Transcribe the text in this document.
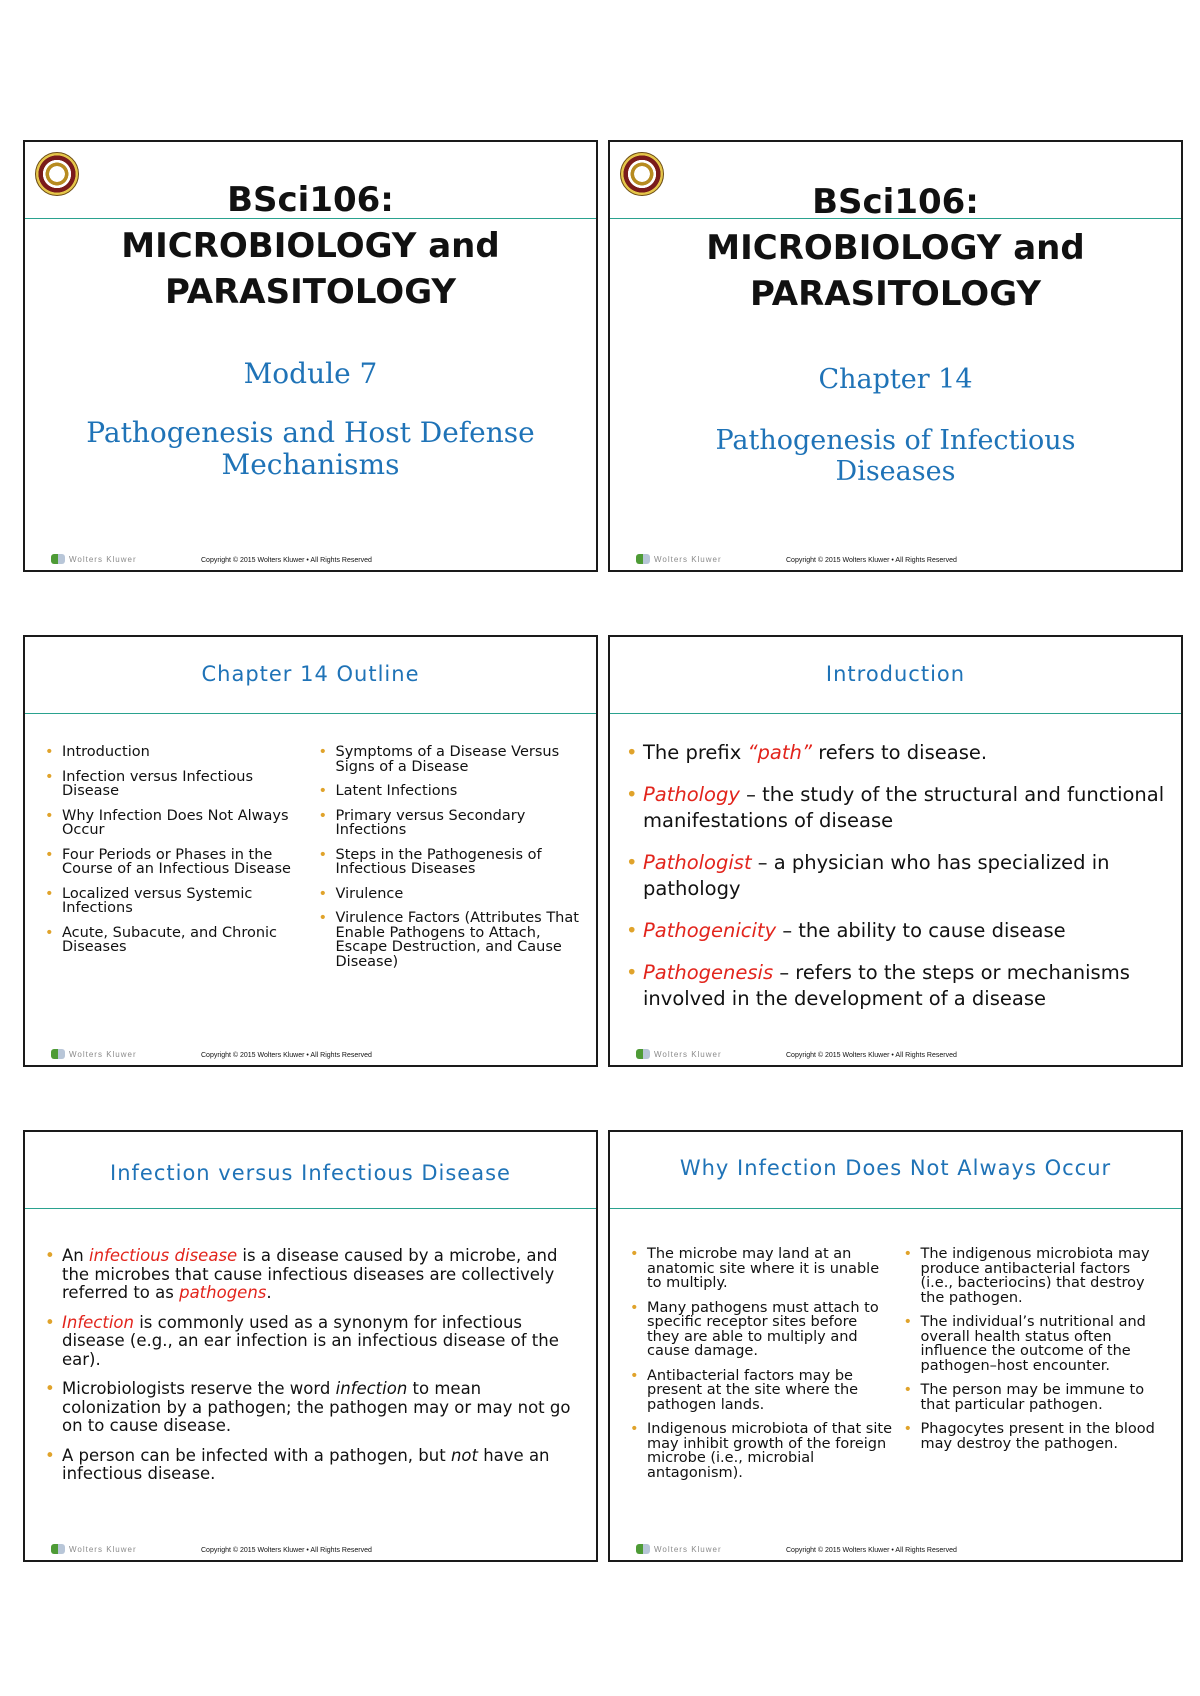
BSci106:
MICROBIOLOGY and
PARASITOLOGY
Module 7
Pathogenesis and Host Defense
Mechanisms
Wolters Kluwer	Copyright © 2015 Wolters Kluwer • All Rights Reserved
BSci106:
MICROBIOLOGY and
PARASITOLOGY
Chapter 14
Pathogenesis of Infectious
Diseases
Wolters Kluwer	Copyright © 2015 Wolters Kluwer • All Rights Reserved
Chapter 14 Outline
• Introduction
• Infection versus Infectious Disease
• Why Infection Does Not Always Occur
• Four Periods or Phases in the Course of an Infectious Disease
• Localized versus Systemic Infections
• Acute, Subacute, and Chronic Diseases
• Symptoms of a Disease Versus Signs of a Disease
• Latent Infections
• Primary versus Secondary Infections
• Steps in the Pathogenesis of Infectious Diseases
• Virulence
• Virulence Factors (Attributes That Enable Pathogens to Attach, Escape Destruction, and Cause Disease)
Wolters Kluwer	Copyright © 2015 Wolters Kluwer • All Rights Reserved
Introduction
• The prefix “path” refers to disease.
• Pathology – the study of the structural and functional manifestations of disease
• Pathologist – a physician who has specialized in pathology
• Pathogenicity – the ability to cause disease
• Pathogenesis – refers to the steps or mechanisms involved in the development of a disease
Wolters Kluwer	Copyright © 2015 Wolters Kluwer • All Rights Reserved
Infection versus Infectious Disease
• An infectious disease is a disease caused by a microbe, and the microbes that cause infectious diseases are collectively referred to as pathogens.
• Infection is commonly used as a synonym for infectious disease (e.g., an ear infection is an infectious disease of the ear).
• Microbiologists reserve the word infection to mean colonization by a pathogen; the pathogen may or may not go on to cause disease.
• A person can be infected with a pathogen, but not have an infectious disease.
Wolters Kluwer	Copyright © 2015 Wolters Kluwer • All Rights Reserved
Why Infection Does Not Always Occur
• The microbe may land at an anatomic site where it is unable to multiply.
• Many pathogens must attach to specific receptor sites before they are able to multiply and cause damage.
• Antibacterial factors may be present at the site where the pathogen lands.
• Indigenous microbiota of that site may inhibit growth of the foreign microbe (i.e., microbial antagonism).
• The indigenous microbiota may produce antibacterial factors (i.e., bacteriocins) that destroy the pathogen.
• The individual’s nutritional and overall health status often influence the outcome of the pathogen–host encounter.
• The person may be immune to that particular pathogen.
• Phagocytes present in the blood may destroy the pathogen.
Wolters Kluwer	Copyright © 2015 Wolters Kluwer • All Rights Reserved
